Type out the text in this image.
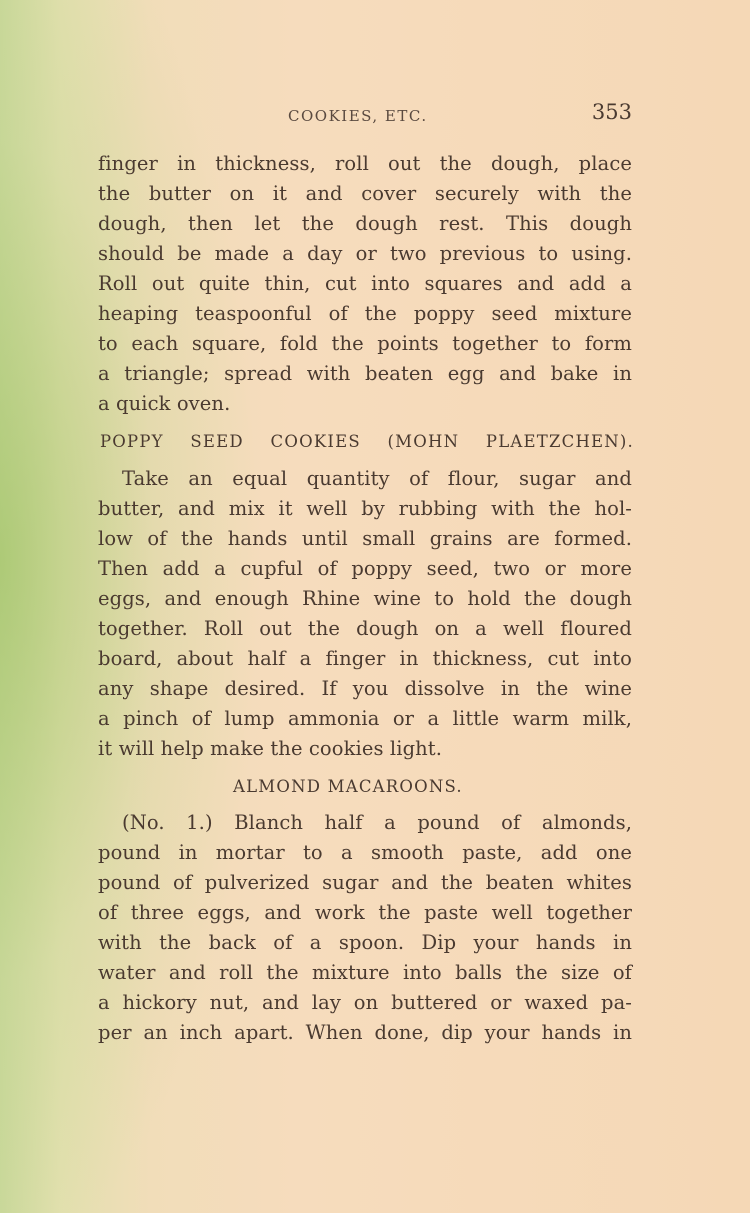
COOKIES, ETC.	353
finger in thickness, roll out the dough, place
the butter on it and cover securely with the
dough, then let the dough rest. This dough
should be made a day or two previous to using.
Roll out quite thin, cut into squares and add a
heaping teaspoonful of the poppy seed mixture
to each square, fold the points together to form
a triangle; spread with beaten egg and bake in
a quick oven.
POPPY SEED COOKIES (MOHN PLAETZCHEN).
Take an equal quantity of flour, sugar and
butter, and mix it well by rubbing with the hol-
low of the hands until small grains are formed.
Then add a cupful of poppy seed, two or more
eggs, and enough Rhine wine to hold the dough
together. Roll out the dough on a well floured
board, about half a finger in thickness, cut into
any shape desired. If you dissolve in the wine
a pinch of lump ammonia or a little warm milk,
it will help make the cookies light.
ALMOND MACAROONS.
(No. 1.) Blanch half a pound of almonds,
pound in mortar to a smooth paste, add one
pound of pulverized sugar and the beaten whites
of three eggs, and work the paste well together
with the back of a spoon. Dip your hands in
water and roll the mixture into balls the size of
a hickory nut, and lay on buttered or waxed pa-
per an inch apart. When done, dip your hands in
